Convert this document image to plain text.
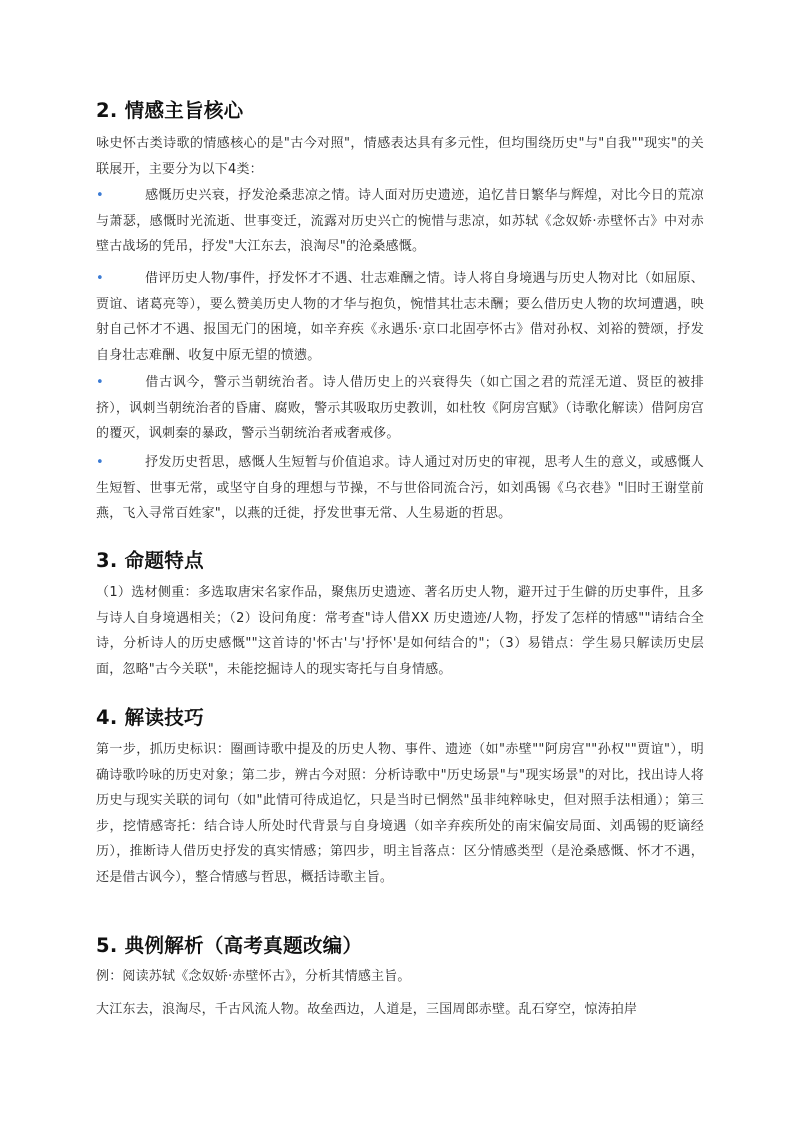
2. 情感主旨核心

咏史怀古类诗歌的情感核心的是"古今对照"，情感表达具有多元性，但均围绕历史"与"自我""现实"的关联展开，主要分为以下4类：

•	感慨历史兴衰，抒发沧桑悲凉之情。诗人面对历史遗迹，追忆昔日繁华与辉煌，对比今日的荒凉与萧瑟，感慨时光流逝、世事变迁，流露对历史兴亡的惋惜与悲凉，如苏轼《念奴娇·赤壁怀古》中对赤壁古战场的凭吊，抒发"大江东去，浪淘尽"的沧桑感慨。
•	借评历史人物/事件，抒发怀才不遇、壮志难酬之情。诗人将自身境遇与历史人物对比（如屈原、贾谊、诸葛亮等），要么赞美历史人物的才华与抱负，惋惜其壮志未酬；要么借历史人物的坎坷遭遇，映射自己怀才不遇、报国无门的困境，如辛弃疾《永遇乐·京口北固亭怀古》借对孙权、刘裕的赞颂，抒发自身壮志难酬、收复中原无望的愤懑。
•	借古讽今，警示当朝统治者。诗人借历史上的兴衰得失（如亡国之君的荒淫无道、贤臣的被排挤），讽刺当朝统治者的昏庸、腐败，警示其吸取历史教训，如杜牧《阿房宫赋》（诗歌化解读）借阿房宫的覆灭，讽刺秦的暴政，警示当朝统治者戒奢戒侈。
•	抒发历史哲思，感慨人生短暂与价值追求。诗人通过对历史的审视，思考人生的意义，或感慨人生短暂、世事无常，或坚守自身的理想与节操，不与世俗同流合污，如刘禹锡《乌衣巷》"旧时王谢堂前燕，飞入寻常百姓家"，以燕的迁徙，抒发世事无常、人生易逝的哲思。
3. 命题特点

（1）选材侧重：多选取唐宋名家作品，聚焦历史遗迹、著名历史人物，避开过于生僻的历史事件，且多与诗人自身境遇相关；（2）设问角度：常考查"诗人借XX 历史遗迹/人物，抒发了怎样的情感""请结合全诗，分析诗人的历史感慨""这首诗的'怀古'与'抒怀'是如何结合的"；（3）易错点：学生易只解读历史层面，忽略"古今关联"，未能挖掘诗人的现实寄托与自身情感。

4. 解读技巧

第一步，抓历史标识：圈画诗歌中提及的历史人物、事件、遗迹（如"赤壁""阿房宫""孙权""贾谊"），明确诗歌吟咏的历史对象；第二步，辨古今对照：分析诗歌中"历史场景"与"现实场景"的对比，找出诗人将历史与现实关联的词句（如"此情可待成追忆，只是当时已惘然"虽非纯粹咏史，但对照手法相通）；第三步，挖情感寄托：结合诗人所处时代背景与自身境遇（如辛弃疾所处的南宋偏安局面、刘禹锡的贬谪经历），推断诗人借历史抒发的真实情感；第四步，明主旨落点：区分情感类型（是沧桑感慨、怀才不遇，还是借古讽今），整合情感与哲思，概括诗歌主旨。

5. 典例解析（高考真题改编）

例：阅读苏轼《念奴娇·赤壁怀古》，分析其情感主旨。

大江东去，浪淘尽，千古风流人物。故垒西边，人道是，三国周郎赤壁。乱石穿空，惊涛拍岸
